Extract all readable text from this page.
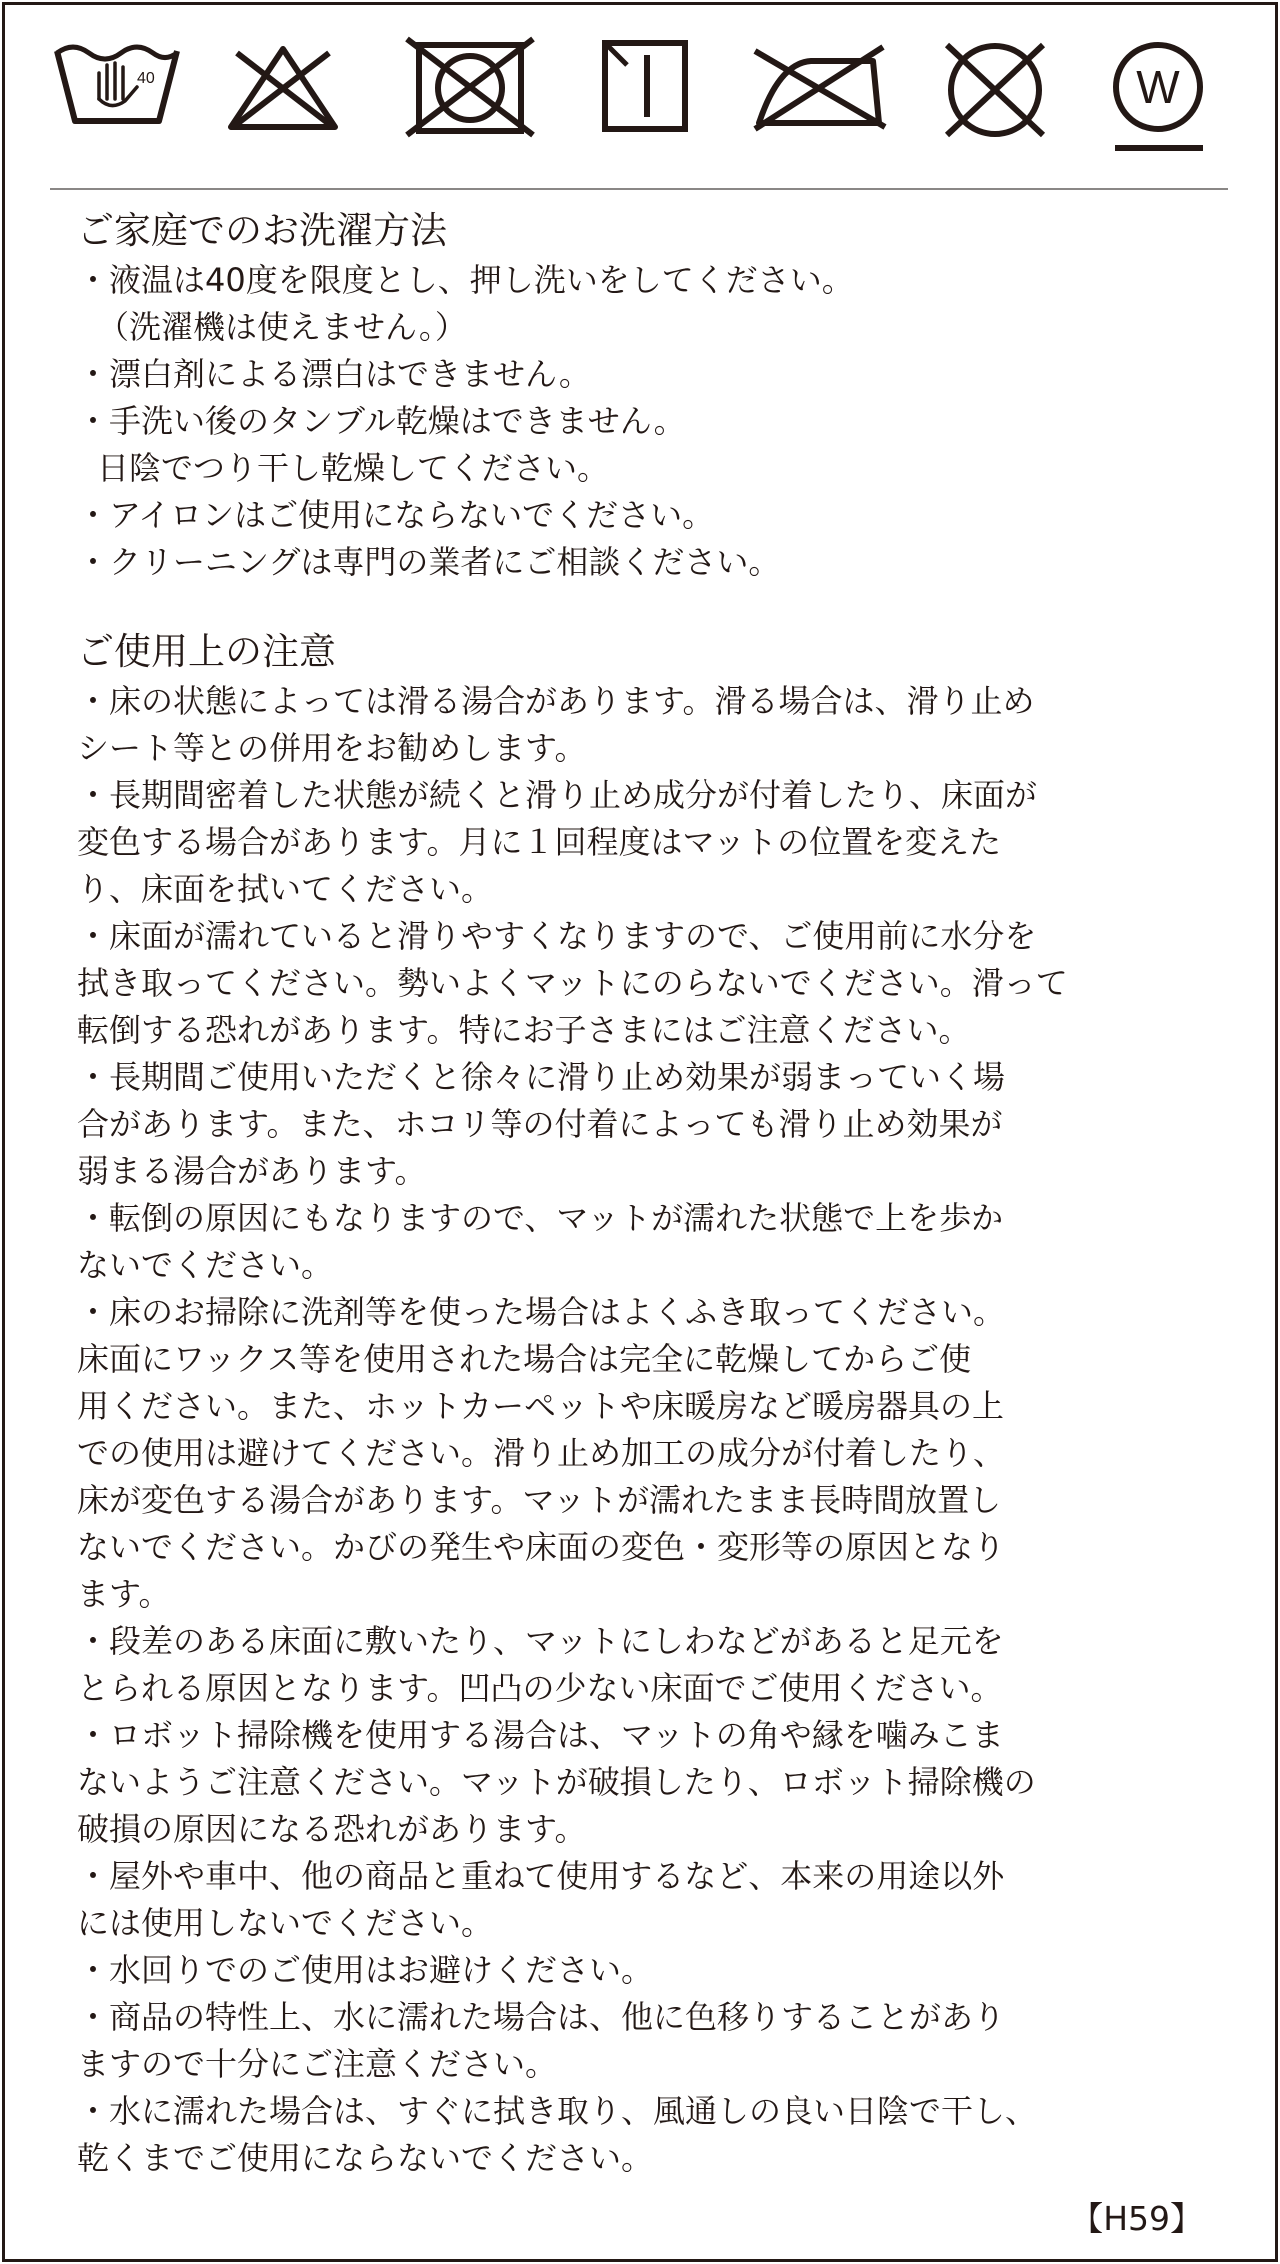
40	W
ご家庭でのお洗濯方法
・液温は40度を限度とし、押し洗いをしてください。
（洗濯機は使えません。）
・漂白剤による漂白はできません。
・手洗い後のタンブル乾燥はできません。
日陰でつり干し乾燥してください。
・アイロンはご使用にならないでください。
・クリーニングは専門の業者にご相談ください。
ご使用上の注意
・床の状態によっては滑る湯合があります。滑る場合は、滑り止め
シート等との併用をお勧めします。
・長期間密着した状態が続くと滑り止め成分が付着したり、床面が
変色する場合があります。月に１回程度はマットの位置を変えた
り、床面を拭いてください。
・床面が濡れていると滑りやすくなりますので、ご使用前に水分を
拭き取ってください。勢いよくマットにのらないでください。滑って
転倒する恐れがあります。特にお子さまにはご注意ください。
・長期間ご使用いただくと徐々に滑り止め効果が弱まっていく場
合があります。また、ホコリ等の付着によっても滑り止め効果が
弱まる湯合があります。
・転倒の原因にもなりますので、マットが濡れた状態で上を歩か
ないでください。
・床のお掃除に洗剤等を使った場合はよくふき取ってください。
床面にワックス等を使用された場合は完全に乾燥してからご使
用ください。また、ホットカーペットや床暖房など暖房器具の上
での使用は避けてください。滑り止め加工の成分が付着したり、
床が変色する湯合があります。マットが濡れたまま長時間放置し
ないでください。かびの発生や床面の変色・変形等の原因となり
ます。
・段差のある床面に敷いたり、マットにしわなどがあると足元を
とられる原因となります。凹凸の少ない床面でご使用ください。
・ロボット掃除機を使用する湯合は、マットの角や縁を噛みこま
ないようご注意ください。マットが破損したり、ロボット掃除機の
破損の原因になる恐れがあります。
・屋外や車中、他の商品と重ねて使用するなど、本来の用途以外
には使用しないでください。
・水回りでのご使用はお避けください。
・商品の特性上、水に濡れた場合は、他に色移りすることがあり
ますので十分にご注意ください。
・水に濡れた場合は、すぐに拭き取り、風通しの良い日陰で干し、
乾くまでご使用にならないでください。
【H59】
